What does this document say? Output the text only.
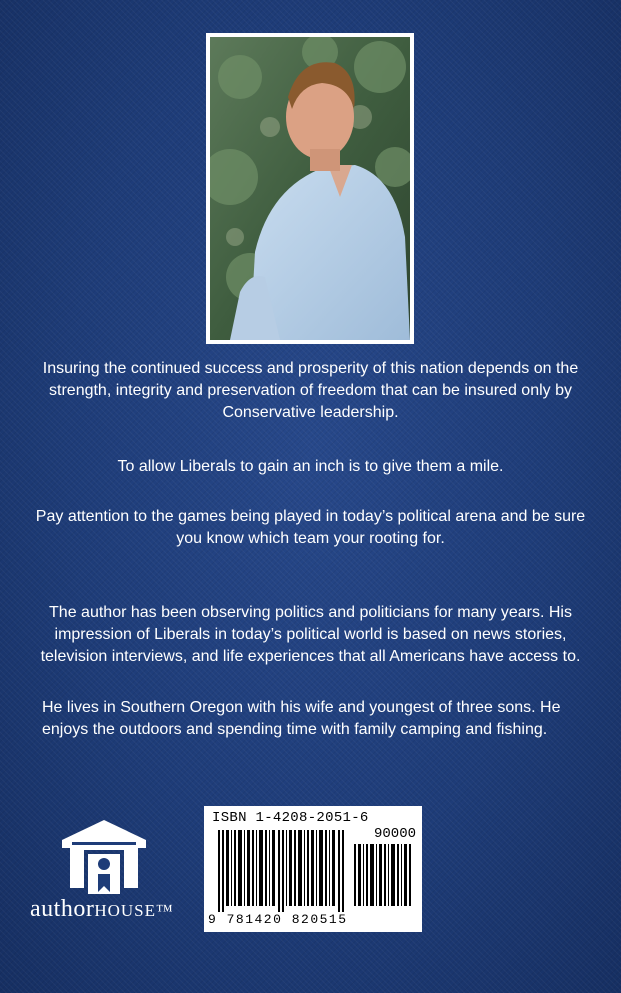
Insuring the continued success and prosperity of this nation depends on the strength, integrity and preservation of freedom that can be insured only by Conservative leadership.

To allow Liberals to gain an inch is to give them a mile.

Pay attention to the games being played in today’s political arena and be sure you know which team your rooting for.

The author has been observing politics and politicians for many years. His impression of Liberals in today’s political world is based on news stories, television interviews, and life experiences that all Americans have access to.

He lives in Southern Oregon with his wife and youngest of three sons. He enjoys the outdoors and spending time with family camping and fishing.

authorHOUSE™
ISBN 1-4208-2051-6
90000
9 781420 820515
